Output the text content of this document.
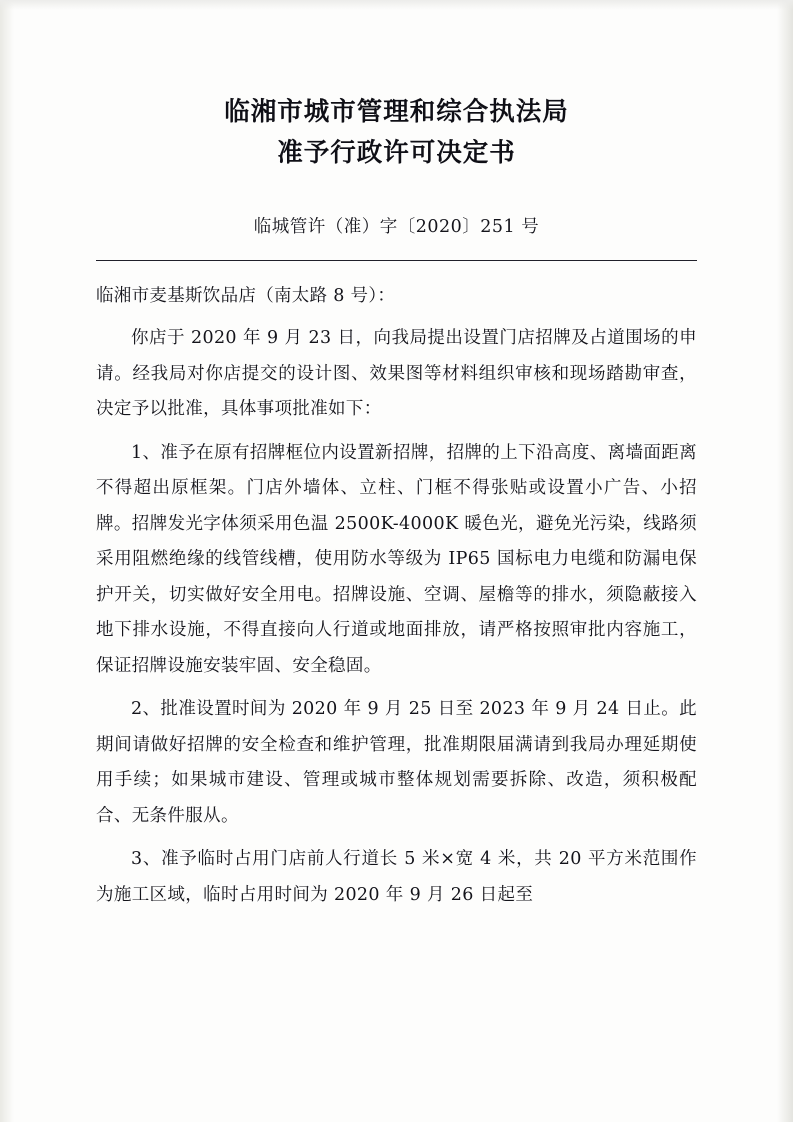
临湘市城市管理和综合执法局
准予行政许可决定书
临城管许（准）字〔2020〕251 号
临湘市麦基斯饮品店（南太路 8 号）：

你店于 2020 年 9 月 23 日，向我局提出设置门店招牌及占道围场的申请。经我局对你店提交的设计图、效果图等材料组织审核和现场踏勘审查，决定予以批准，具体事项批准如下：

1、准予在原有招牌框位内设置新招牌，招牌的上下沿高度、离墙面距离不得超出原框架。门店外墙体、立柱、门框不得张贴或设置小广告、小招牌。招牌发光字体须采用色温 2500K-4000K 暖色光，避免光污染，线路须采用阻燃绝缘的线管线槽，使用防水等级为 IP65 国标电力电缆和防漏电保护开关，切实做好安全用电。招牌设施、空调、屋檐等的排水，须隐蔽接入地下排水设施，不得直接向人行道或地面排放，请严格按照审批内容施工，保证招牌设施安装牢固、安全稳固。

2、批准设置时间为 2020 年 9 月 25 日至 2023 年 9 月 24 日止。此期间请做好招牌的安全检查和维护管理，批准期限届满请到我局办理延期使用手续；如果城市建设、管理或城市整体规划需要拆除、改造，须积极配合、无条件服从。

3、准予临时占用门店前人行道长 5 米×宽 4 米，共 20 平方米范围作为施工区域，临时占用时间为 2020 年 9 月 26 日起至
